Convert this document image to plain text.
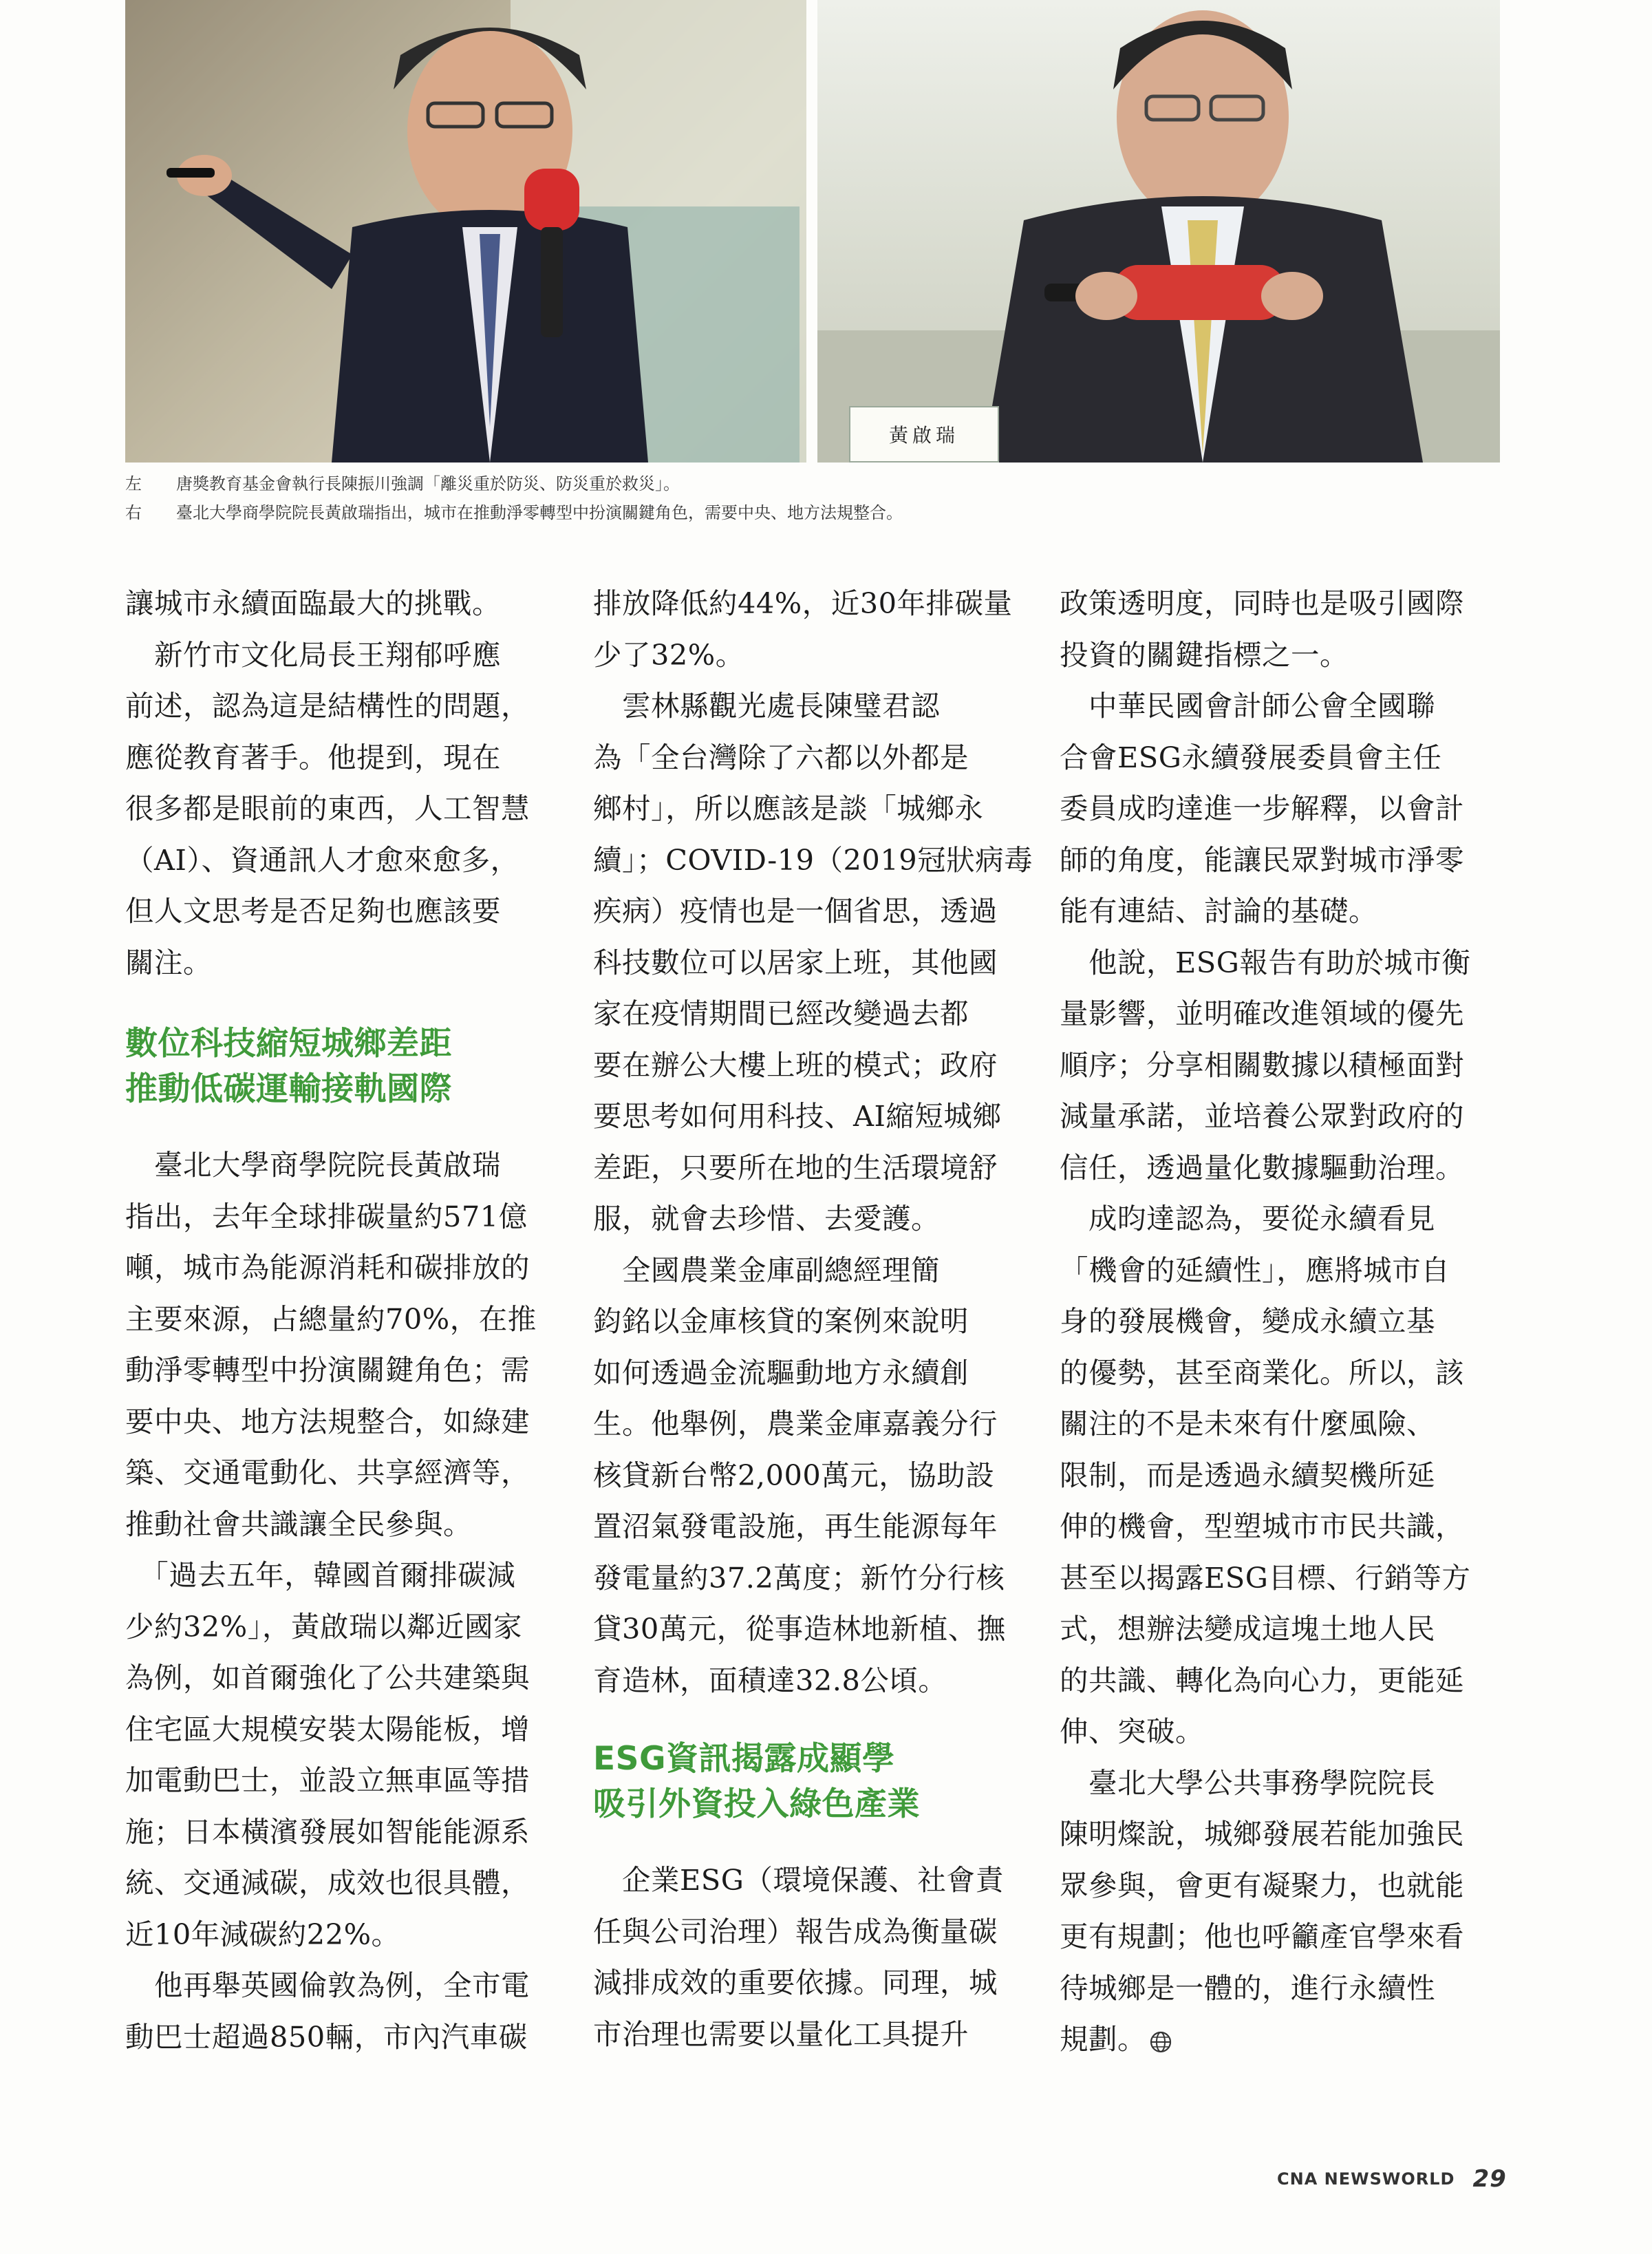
黃啟瑞
左 唐獎教育基金會執行長陳振川強調「離災重於防災、防災重於救災」。
右 臺北大學商學院院長黃啟瑞指出，城市在推動淨零轉型中扮演關鍵角色，需要中央、地方法規整合。

讓城市永續面臨最大的挑戰。

　新竹市文化局長王翔郁呼應
前述，認為這是結構性的問題，
應從教育著手。他提到，現在
很多都是眼前的東西，人工智慧
（AI）、資通訊人才愈來愈多，
但人文思考是否足夠也應該要
關注。

數位科技縮短城鄉差距
推動低碳運輸接軌國際

　臺北大學商學院院長黃啟瑞
指出，去年全球排碳量約571億
噸，城市為能源消耗和碳排放的
主要來源，占總量約70%，在推
動淨零轉型中扮演關鍵角色；需
要中央、地方法規整合，如綠建
築、交通電動化、共享經濟等，
推動社會共識讓全民參與。

　「過去五年，韓國首爾排碳減
少約32%」，黃啟瑞以鄰近國家
為例，如首爾強化了公共建築與
住宅區大規模安裝太陽能板，增
加電動巴士，並設立無車區等措
施；日本橫濱發展如智能能源系
統、交通減碳，成效也很具體，
近10年減碳約22%。

　他再舉英國倫敦為例，全市電
動巴士超過850輛，市內汽車碳

排放降低約44%，近30年排碳量
少了32%。

　雲林縣觀光處長陳璧君認
為「全台灣除了六都以外都是
鄉村」，所以應該是談「城鄉永
續」；COVID-19（2019冠狀病毒
疾病）疫情也是一個省思，透過
科技數位可以居家上班，其他國
家在疫情期間已經改變過去都
要在辦公大樓上班的模式；政府
要思考如何用科技、AI縮短城鄉
差距，只要所在地的生活環境舒
服，就會去珍惜、去愛護。

　全國農業金庫副總經理簡
鈞銘以金庫核貸的案例來說明
如何透過金流驅動地方永續創
生。他舉例，農業金庫嘉義分行
核貸新台幣2,000萬元，協助設
置沼氣發電設施，再生能源每年
發電量約37.2萬度；新竹分行核
貸30萬元，從事造林地新植、撫
育造林，面積達32.8公頃。

ESG資訊揭露成顯學
吸引外資投入綠色產業

　企業ESG（環境保護、社會責
任與公司治理）報告成為衡量碳
減排成效的重要依據。同理，城
市治理也需要以量化工具提升

政策透明度，同時也是吸引國際
投資的關鍵指標之一。

　中華民國會計師公會全國聯
合會ESG永續發展委員會主任
委員成昀達進一步解釋，以會計
師的角度，能讓民眾對城市淨零
能有連結、討論的基礎。

　他說，ESG報告有助於城市衡
量影響，並明確改進領域的優先
順序；分享相關數據以積極面對
減量承諾，並培養公眾對政府的
信任，透過量化數據驅動治理。

　成昀達認為，要從永續看見
「機會的延續性」，應將城市自
身的發展機會，變成永續立基
的優勢，甚至商業化。所以，該
關注的不是未來有什麼風險、
限制，而是透過永續契機所延
伸的機會，型塑城市市民共識，
甚至以揭露ESG目標、行銷等方
式，想辦法變成這塊土地人民
的共識、轉化為向心力，更能延
伸、突破。

　臺北大學公共事務學院院長
陳明燦說，城鄉發展若能加強民
眾參與，會更有凝聚力，也就能
更有規劃；他也呼籲產官學來看
待城鄉是一體的，進行永續性
規劃。

CNA NEWSWORLD 29
